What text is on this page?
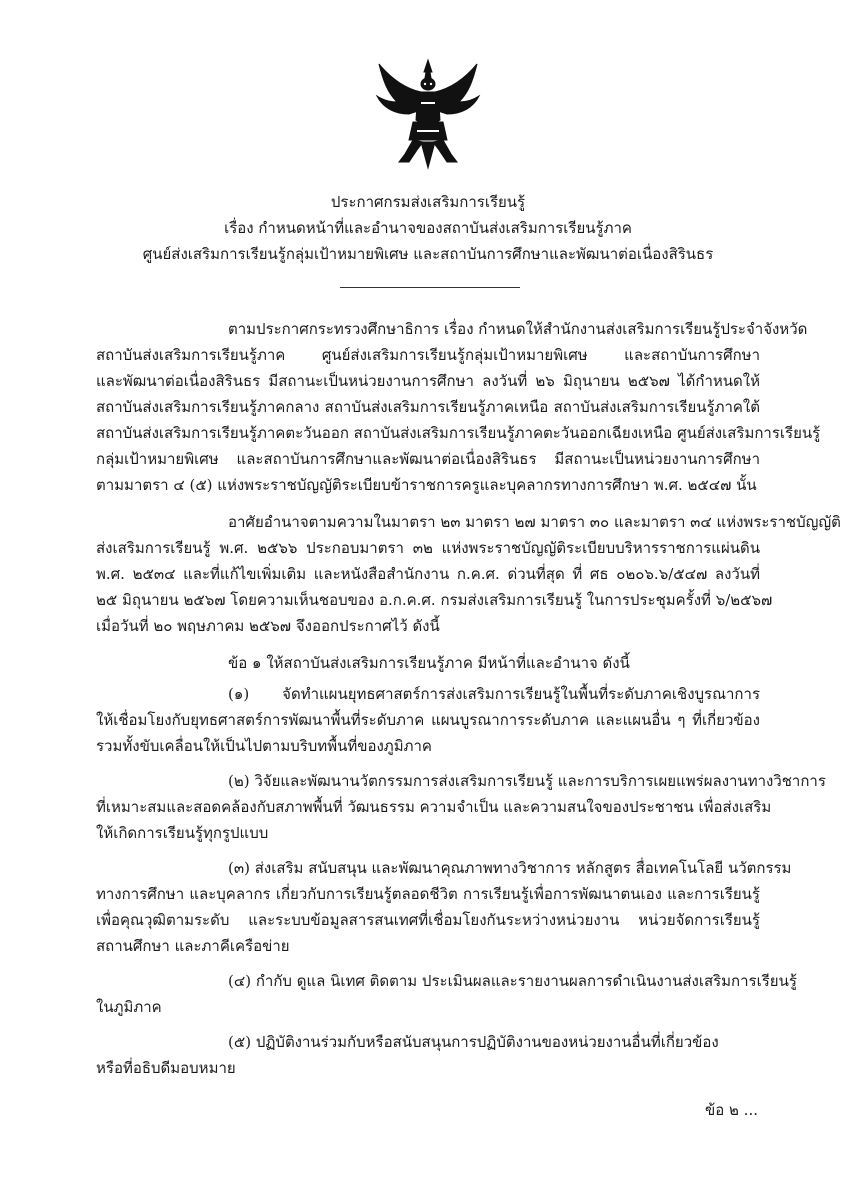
ประกาศกรมส่งเสริมการเรียนรู้
เรื่อง กำหนดหน้าที่และอำนาจของสถาบันส่งเสริมการเรียนรู้ภาค
ศูนย์ส่งเสริมการเรียนรู้กลุ่มเป้าหมายพิเศษ และสถาบันการศึกษาและพัฒนาต่อเนื่องสิรินธร
ตามประกาศกระทรวงศึกษาธิการ เรื่อง กำหนดให้สำนักงานส่งเสริมการเรียนรู้ประจำจังหวัด
สถาบันส่งเสริมการเรียนรู้ภาค ศูนย์ส่งเสริมการเรียนรู้กลุ่มเป้าหมายพิเศษ และสถาบันการศึกษา
และพัฒนาต่อเนื่องสิรินธร มีสถานะเป็นหน่วยงานการศึกษา ลงวันที่ ๒๖ มิถุนายน ๒๕๖๗ ได้กำหนดให้
สถาบันส่งเสริมการเรียนรู้ภาคกลาง สถาบันส่งเสริมการเรียนรู้ภาคเหนือ สถาบันส่งเสริมการเรียนรู้ภาคใต้
สถาบันส่งเสริมการเรียนรู้ภาคตะวันออก สถาบันส่งเสริมการเรียนรู้ภาคตะวันออกเฉียงเหนือ ศูนย์ส่งเสริมการเรียนรู้
กลุ่มเป้าหมายพิเศษ และสถาบันการศึกษาและพัฒนาต่อเนื่องสิรินธร มีสถานะเป็นหน่วยงานการศึกษา
ตามมาตรา ๔ (๕) แห่งพระราชบัญญัติระเบียบข้าราชการครูและบุคลากรทางการศึกษา พ.ศ. ๒๕๔๗ นั้น
อาศัยอำนาจตามความในมาตรา ๒๓ มาตรา ๒๗ มาตรา ๓๐ และมาตรา ๓๔ แห่งพระราชบัญญัติ
ส่งเสริมการเรียนรู้ พ.ศ. ๒๕๖๖ ประกอบมาตรา ๓๒ แห่งพระราชบัญญัติระเบียบบริหารราชการแผ่นดิน
พ.ศ. ๒๕๓๔ และที่แก้ไขเพิ่มเติม และหนังสือสำนักงาน ก.ค.ศ. ด่วนที่สุด ที่ ศธ ๐๒๐๖.๖/๕๔๗ ลงวันที่
๒๕ มิถุนายน ๒๕๖๗ โดยความเห็นชอบของ อ.ก.ค.ศ. กรมส่งเสริมการเรียนรู้ ในการประชุมครั้งที่ ๖/๒๕๖๗
เมื่อวันที่ ๒๐ พฤษภาคม ๒๕๖๗ จึงออกประกาศไว้ ดังนี้
ข้อ ๑ ให้สถาบันส่งเสริมการเรียนรู้ภาค มีหน้าที่และอำนาจ ดังนี้
(๑) จัดทำแผนยุทธศาสตร์การส่งเสริมการเรียนรู้ในพื้นที่ระดับภาคเชิงบูรณาการ
ให้เชื่อมโยงกับยุทธศาสตร์การพัฒนาพื้นที่ระดับภาค แผนบูรณาการระดับภาค และแผนอื่น ๆ ที่เกี่ยวข้อง
รวมทั้งขับเคลื่อนให้เป็นไปตามบริบทพื้นที่ของภูมิภาค
(๒) วิจัยและพัฒนานวัตกรรมการส่งเสริมการเรียนรู้ และการบริการเผยแพร่ผลงานทางวิชาการ
ที่เหมาะสมและสอดคล้องกับสภาพพื้นที่ วัฒนธรรม ความจำเป็น และความสนใจของประชาชน เพื่อส่งเสริม
ให้เกิดการเรียนรู้ทุกรูปแบบ
(๓) ส่งเสริม สนับสนุน และพัฒนาคุณภาพทางวิชาการ หลักสูตร สื่อเทคโนโลยี นวัตกรรม
ทางการศึกษา และบุคลากร เกี่ยวกับการเรียนรู้ตลอดชีวิต การเรียนรู้เพื่อการพัฒนาตนเอง และการเรียนรู้
เพื่อคุณวุฒิตามระดับ และระบบข้อมูลสารสนเทศที่เชื่อมโยงกันระหว่างหน่วยงาน หน่วยจัดการเรียนรู้
สถานศึกษา และภาคีเครือข่าย
(๔) กำกับ ดูแล นิเทศ ติดตาม ประเมินผลและรายงานผลการดำเนินงานส่งเสริมการเรียนรู้
ในภูมิภาค
(๕) ปฏิบัติงานร่วมกับหรือสนับสนุนการปฏิบัติงานของหน่วยงานอื่นที่เกี่ยวข้อง
หรือที่อธิบดีมอบหมาย
ข้อ ๒ ...
